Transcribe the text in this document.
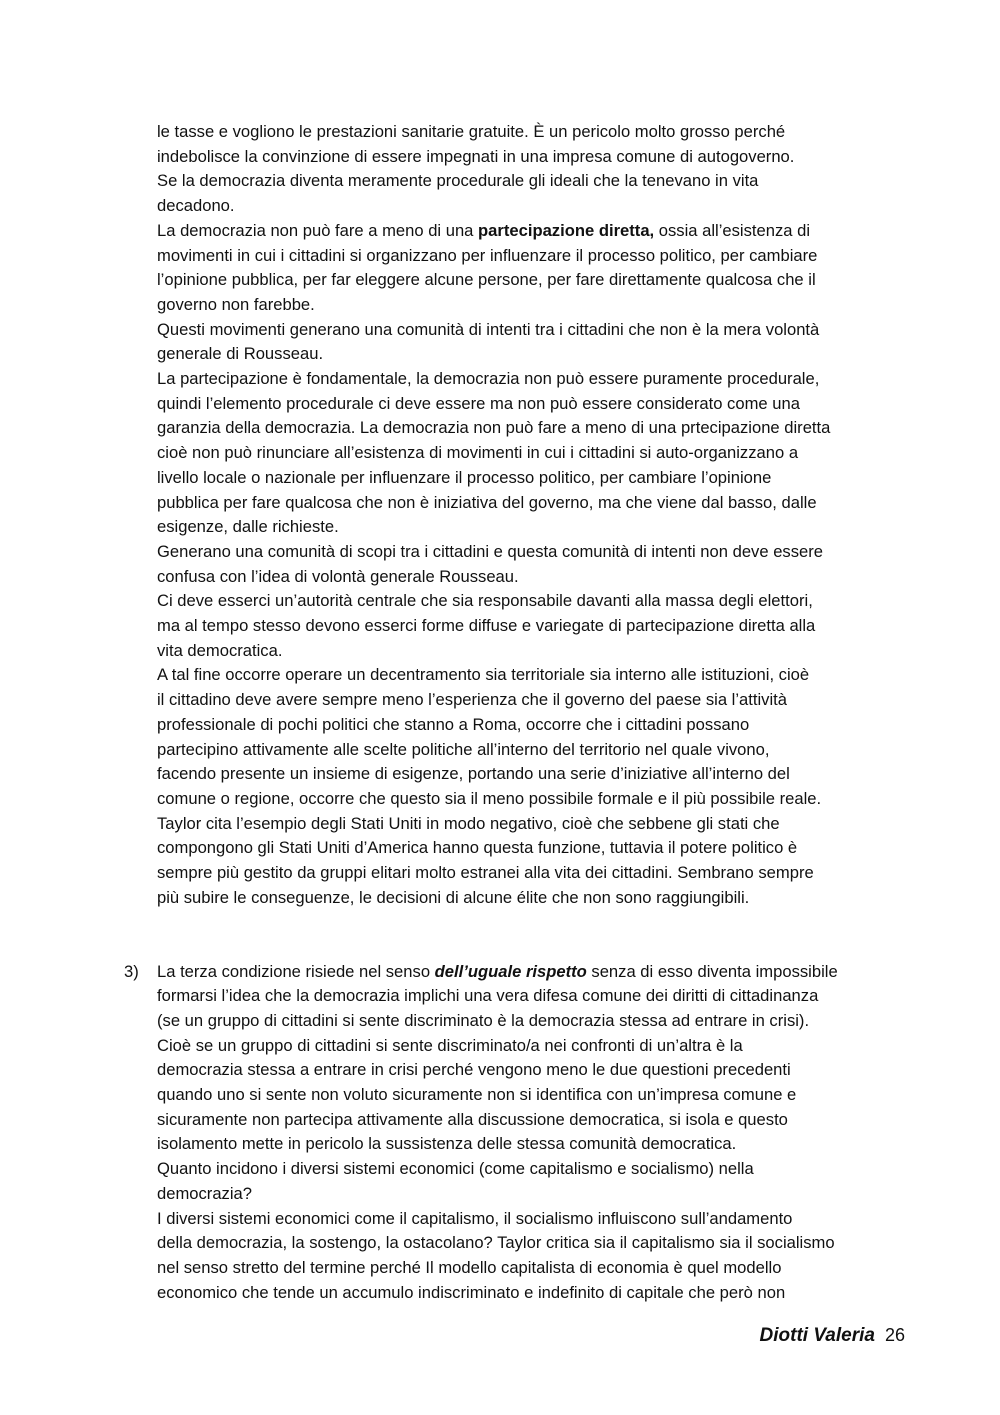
le tasse e vogliono le prestazioni sanitarie gratuite. È un pericolo molto grosso perché
indebolisce la convinzione di essere impegnati in una impresa comune di autogoverno.
Se la democrazia diventa meramente procedurale gli ideali che la tenevano in vita
decadono.
La democrazia non può fare a meno di una partecipazione diretta, ossia all’esistenza di
movimenti in cui i cittadini si organizzano per influenzare il processo politico, per cambiare
l’opinione pubblica, per far eleggere alcune persone, per fare direttamente qualcosa che il
governo non farebbe.
Questi movimenti generano una comunità di intenti tra i cittadini che non è la mera volontà
generale di Rousseau.
La partecipazione è fondamentale, la democrazia non può essere puramente procedurale,
quindi l’elemento procedurale ci deve essere ma non può essere considerato come una
garanzia della democrazia. La democrazia non può fare a meno di una prtecipazione diretta
cioè non può rinunciare all’esistenza di movimenti in cui i cittadini si auto-organizzano a
livello locale o nazionale per influenzare il processo politico, per cambiare l’opinione
pubblica per fare qualcosa che non è iniziativa del governo, ma che viene dal basso, dalle
esigenze, dalle richieste.
Generano una comunità di scopi tra i cittadini e questa comunità di intenti non deve essere
confusa con l’idea di volontà generale Rousseau.
Ci deve esserci un’autorità centrale che sia responsabile davanti alla massa degli elettori,
ma al tempo stesso devono esserci forme diffuse e variegate di partecipazione diretta alla
vita democratica.
A tal fine occorre operare un decentramento sia territoriale sia interno alle istituzioni, cioè
il cittadino deve avere sempre meno l’esperienza che il governo del paese sia l’attività
professionale di pochi politici che stanno a Roma, occorre che i cittadini possano
partecipino attivamente alle scelte politiche all’interno del territorio nel quale vivono,
facendo presente un insieme di esigenze, portando una serie d’iniziative all’interno del
comune o regione, occorre che questo sia il meno possibile formale e il più possibile reale.
Taylor cita l’esempio degli Stati Uniti in modo negativo, cioè che sebbene gli stati che
compongono gli Stati Uniti d’America hanno questa funzione, tuttavia il potere politico è
sempre più gestito da gruppi elitari molto estranei alla vita dei cittadini. Sembrano sempre
più subire le conseguenze, le decisioni di alcune élite che non sono raggiungibili.
3) La terza condizione risiede nel senso dell’uguale rispetto senza di esso diventa impossibile
formarsi l’idea che la democrazia implichi una vera difesa comune dei diritti di cittadinanza
(se un gruppo di cittadini si sente discriminato è la democrazia stessa ad entrare in crisi).
Cioè se un gruppo di cittadini si sente discriminato/a nei confronti di un’altra è la
democrazia stessa a entrare in crisi perché vengono meno le due questioni precedenti
quando uno si sente non voluto sicuramente non si identifica con un’impresa comune e
sicuramente non partecipa attivamente alla discussione democratica, si isola e questo
isolamento mette in pericolo la sussistenza delle stessa comunità democratica.
Quanto incidono i diversi sistemi economici (come capitalismo e socialismo) nella
democrazia?
I diversi sistemi economici come il capitalismo, il socialismo influiscono sull’andamento
della democrazia, la sostengo, la ostacolano? Taylor critica sia il capitalismo sia il socialismo
nel senso stretto del termine perché Il modello capitalista di economia è quel modello
economico che tende un accumulo indiscriminato e indefinito di capitale che però non
Diotti Valeria 26
